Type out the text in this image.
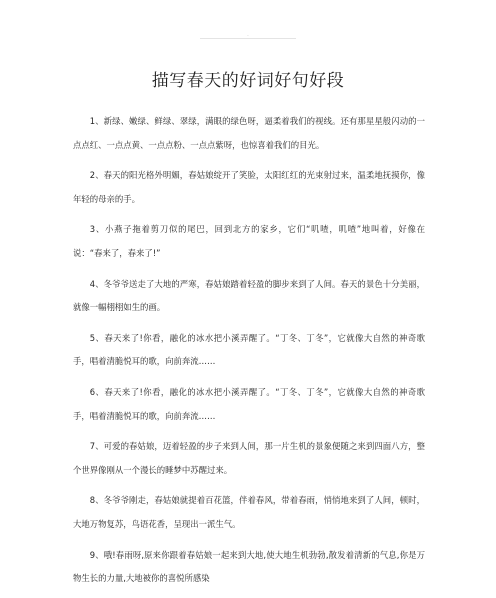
·
描写春天的好词好句好段

1、新绿、嫩绿、鲜绿、翠绿，满眼的绿色呀，逼柔着我们的视线。还有那星星般闪动的一点点红、一点点黄、一点点粉、一点点紫呀，也惊喜着我们的目光。

2、春天的阳光格外明媚，春姑娘绽开了笑脸，太阳红红的光束射过来，温柔地抚摸你，像年轻的母亲的手。

3、小燕子拖着剪刀似的尾巴，回到北方的家乡，它们“叽喳，叽喳”地叫着，好像在说：“春来了，春来了!”

4、冬爷爷送走了大地的严寒，春姑娘踏着轻盈的脚步来到了人间。春天的景色十分美丽，就像一幅栩栩如生的画。

5、春天来了!你看，融化的冰水把小溪弄醒了。“丁冬、丁冬”，它就像大自然的神奇歌手，唱着清脆悦耳的歌，向前奔流……

6、春天来了!你看，融化的冰水把小溪弄醒了。“丁冬、丁冬”，它就像大自然的神奇歌手，唱着清脆悦耳的歌，向前奔流……

7、可爱的春姑娘，迈着轻盈的步子来到人间，那一片生机的景象便随之来到四面八方，整个世界像刚从一个漫长的睡梦中苏醒过来。

8、冬爷爷刚走，春姑娘就提着百花篮，伴着春风，带着春雨，悄悄地来到了人间，顿时，大地万物复苏，鸟语花香，呈现出一派生气。

9、哦!春雨呀,原来你跟着春姑娘一起来到大地,使大地生机勃勃,散发着清新的气息,你是万物生长的力量,大地被你的喜悦所感染
